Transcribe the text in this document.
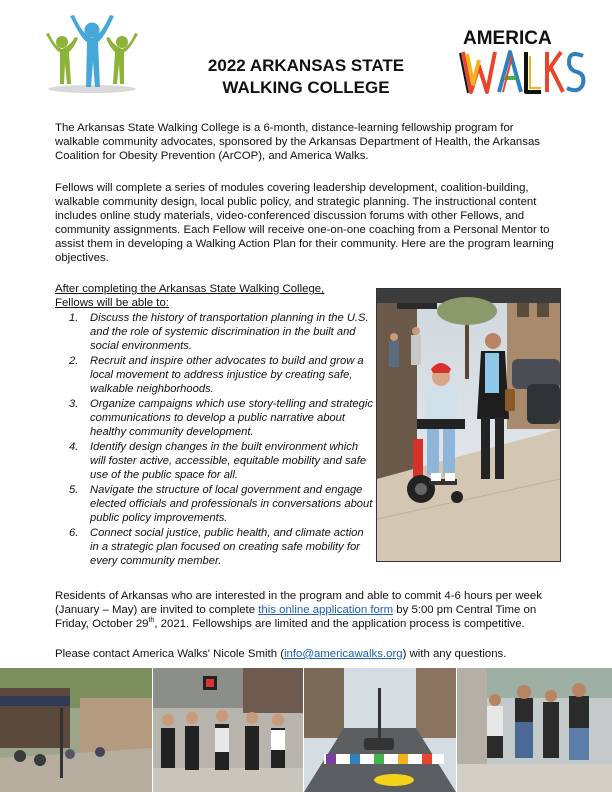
AMERICA
2022 ARKANSAS STATE
WALKING COLLEGE

The Arkansas State Walking College is a 6-month, distance-learning fellowship program for walkable community advocates, sponsored by the Arkansas Department of Health, the Arkansas Coalition for Obesity Prevention (ArCOP), and America Walks.

Fellows will complete a series of modules covering leadership development, coalition-building, walkable community design, local public policy, and strategic planning. The instructional content includes online study materials, video-conferenced discussion forums with other Fellows, and community assignments. Each Fellow will receive one-on-one coaching from a Personal Mentor to assist them in developing a Walking Action Plan for their community. Here are the program learning objectives.

After completing the Arkansas State Walking College, Fellows will be able to:
1. Discuss the history of transportation planning in the U.S. and the role of systemic discrimination in the built and social environments.
2. Recruit and inspire other advocates to build and grow a local movement to address injustice by creating safe, walkable neighborhoods.
3. Organize campaigns which use story-telling and strategic communications to develop a public narrative about healthy community development.
4. Identify design changes in the built environment which will foster active, accessible, equitable mobility and safe use of the public space for all.
5. Navigate the structure of local government and engage elected officials and professionals in conversations about public policy improvements.
6. Connect social justice, public health, and climate action in a strategic plan focused on creating safe mobility for every community member.

Residents of Arkansas who are interested in the program and able to commit 4-6 hours per week (January – May) are invited to complete this online application form by 5:00 pm Central Time on Friday, October 29th, 2021. Fellowships are limited and the application process is competitive.

Please contact America Walks' Nicole Smith (info@americawalks.org) with any questions.
